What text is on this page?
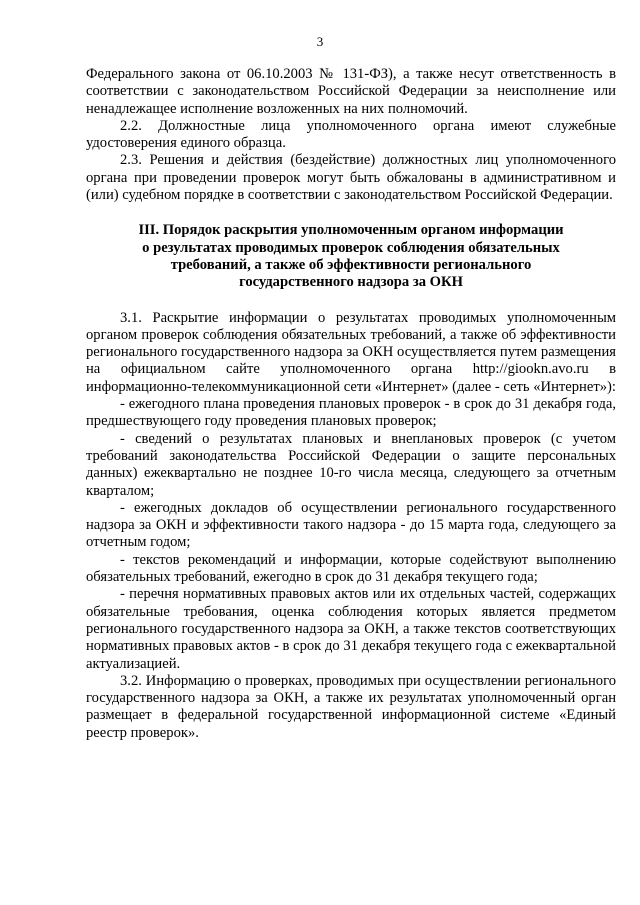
3

Федерального закона от 06.10.2003 № 131-ФЗ), а также несут ответственность в соответствии с законодательством Российской Федерации за неисполнение или ненадлежащее исполнение возложенных на них полномочий.

2.2. Должностные лица уполномоченного органа имеют служебные удостоверения единого образца.

2.3. Решения и действия (бездействие) должностных лиц уполномоченного органа при проведении проверок могут быть обжалованы в административном и (или) судебном порядке в соответствии с законодательством Российской Федерации.

III. Порядок раскрытия уполномоченным органом информации
о результатах проводимых проверок соблюдения обязательных
требований, а также об эффективности регионального
государственного надзора за ОКН

3.1. Раскрытие информации о результатах проводимых уполномоченным органом проверок соблюдения обязательных требований, а также об эффективности регионального государственного надзора за ОКН осуществляется путем размещения на официальном сайте уполномоченного органа http://giookn.avo.ru в информационно-телекоммуникационной сети «Интернет» (далее - сеть «Интернет»):

- ежегодного плана проведения плановых проверок - в срок до 31 декабря года, предшествующего году проведения плановых проверок;

- сведений о результатах плановых и внеплановых проверок (с учетом требований законодательства Российской Федерации о защите персональных данных) ежеквартально не позднее 10-го числа месяца, следующего за отчетным кварталом;

- ежегодных докладов об осуществлении регионального государственного надзора за ОКН и эффективности такого надзора - до 15 марта года, следующего за отчетным годом;

- текстов рекомендаций и информации, которые содействуют выполнению обязательных требований, ежегодно в срок до 31 декабря текущего года;

- перечня нормативных правовых актов или их отдельных частей, содержащих обязательные требования, оценка соблюдения которых является предметом регионального государственного надзора за ОКН, а также текстов соответствующих нормативных правовых актов - в срок до 31 декабря текущего года с ежеквартальной актуализацией.

3.2. Информацию о проверках, проводимых при осуществлении регионального государственного надзора за ОКН, а также их результатах уполномоченный орган размещает в федеральной государственной информационной системе «Единый реестр проверок».
